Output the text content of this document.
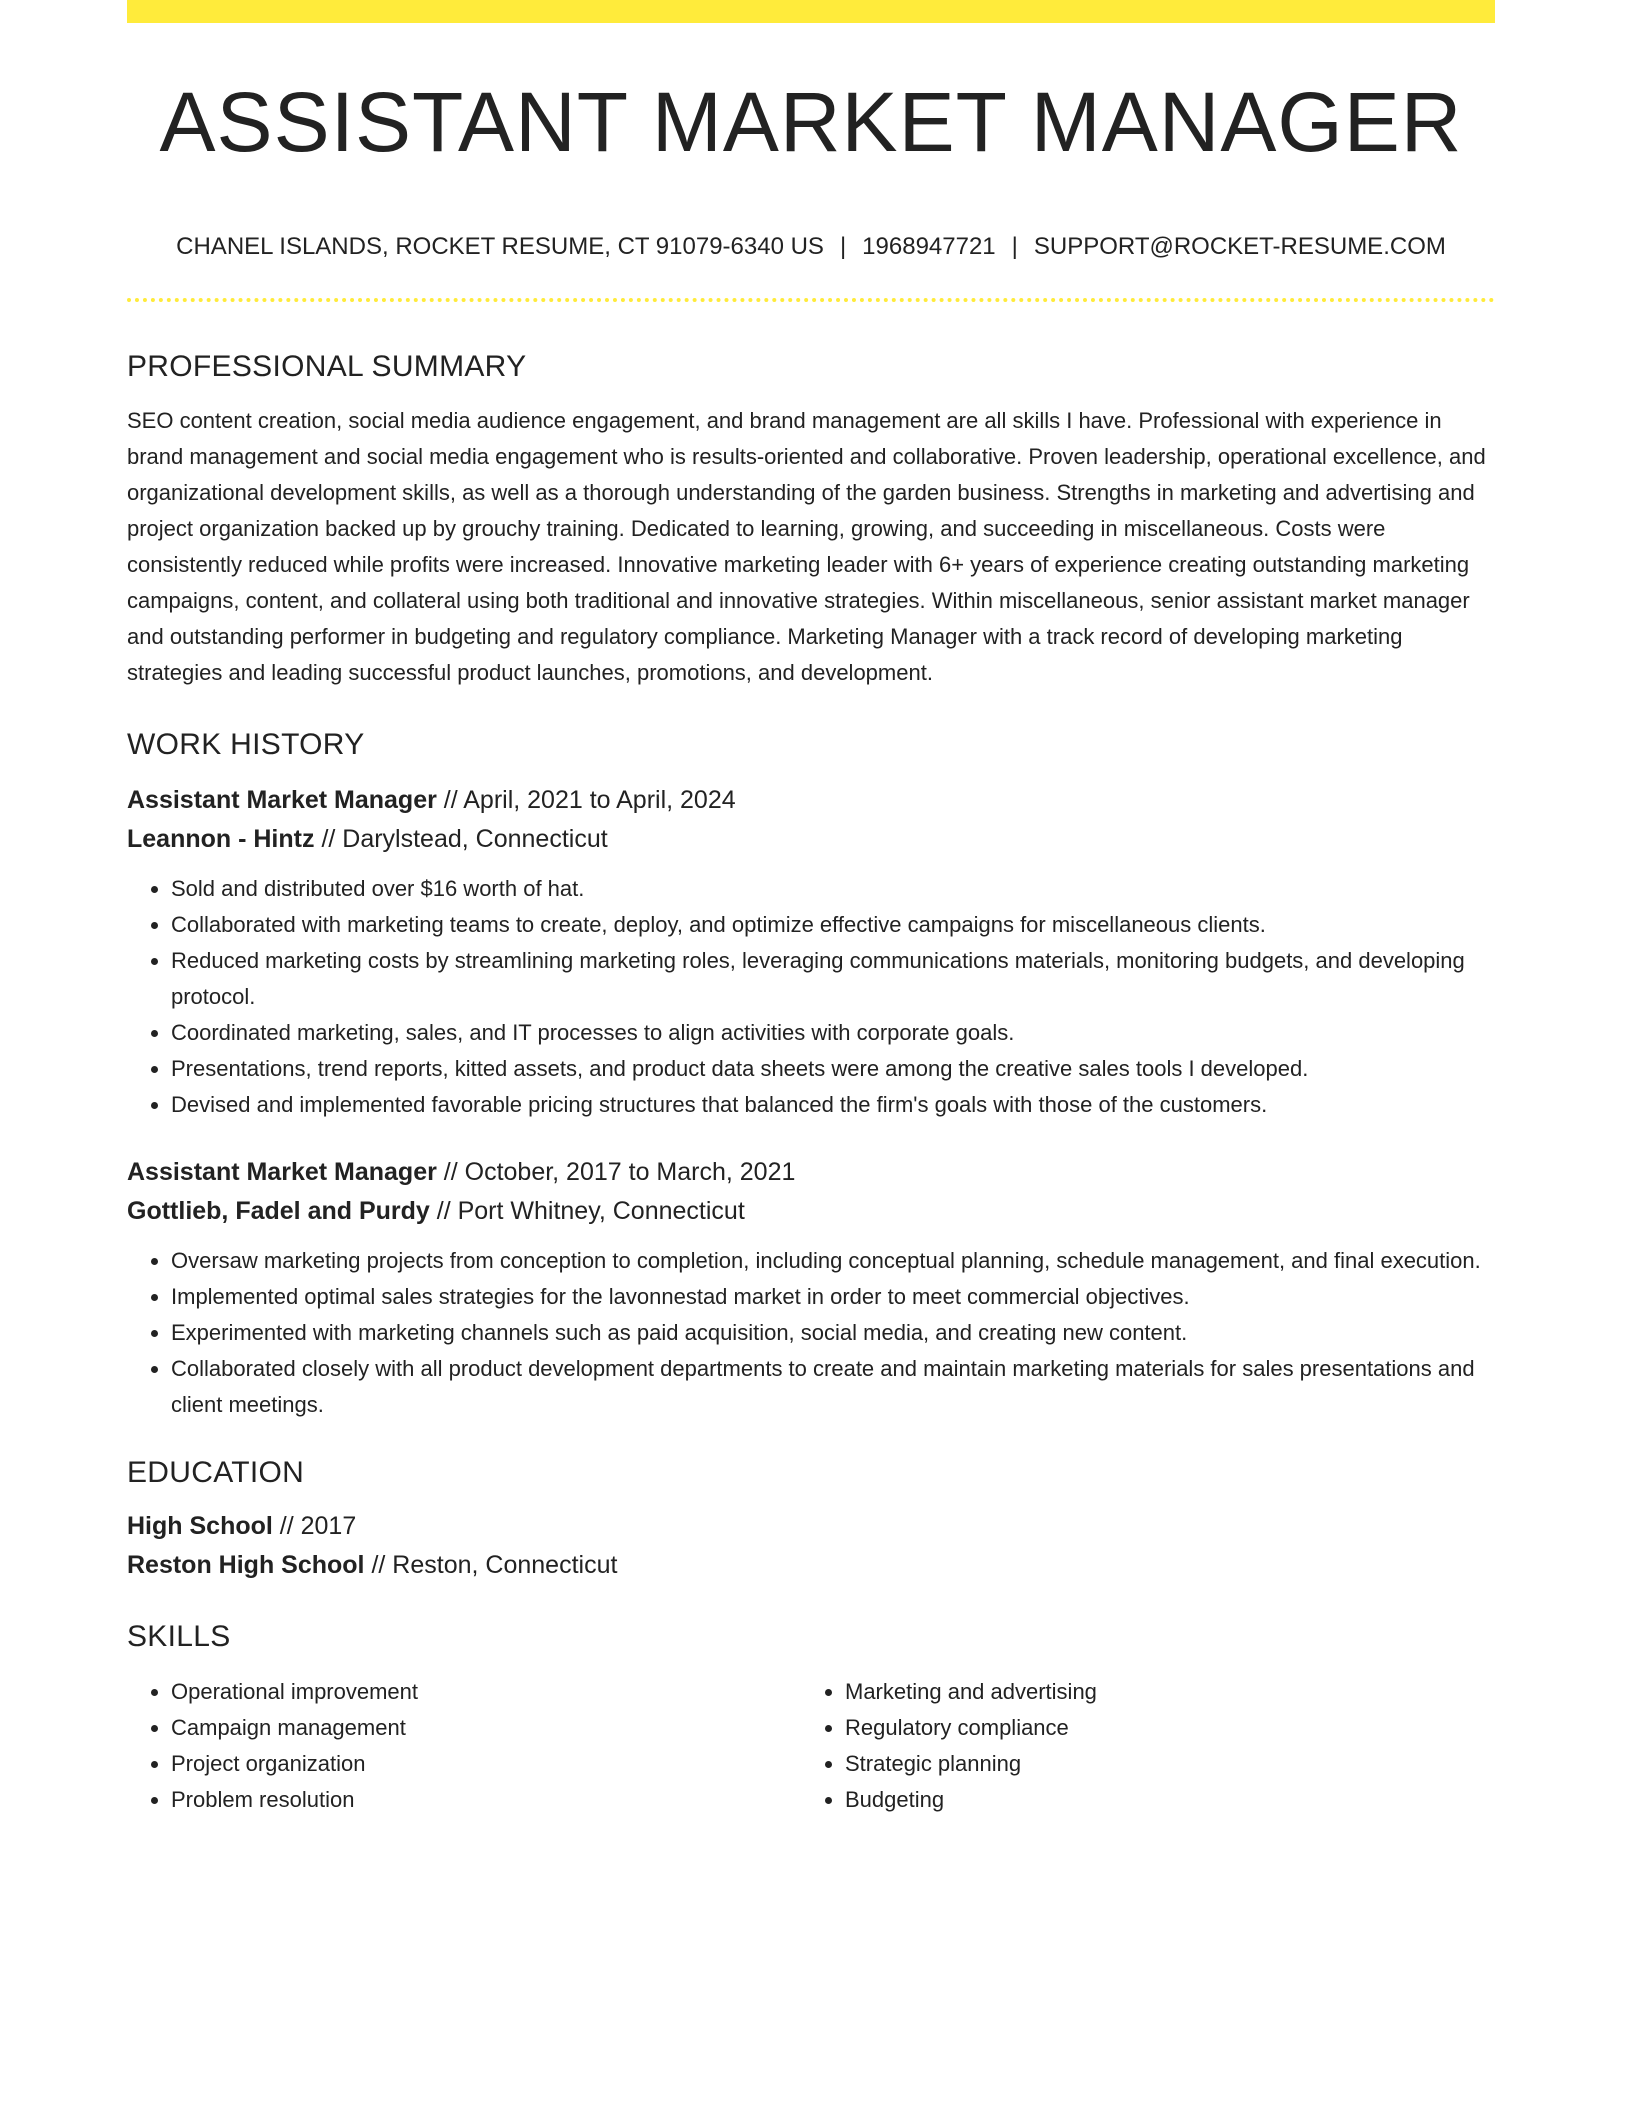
ASSISTANT MARKET MANAGER
CHANEL ISLANDS, ROCKET RESUME, CT 91079-6340 US | 1968947721 | SUPPORT@ROCKET-RESUME.COM
PROFESSIONAL SUMMARY
SEO content creation, social media audience engagement, and brand management are all skills I have. Professional with experience in brand management and social media engagement who is results-oriented and collaborative. Proven leadership, operational excellence, and organizational development skills, as well as a thorough understanding of the garden business. Strengths in marketing and advertising and project organization backed up by grouchy training. Dedicated to learning, growing, and succeeding in miscellaneous. Costs were consistently reduced while profits were increased. Innovative marketing leader with 6+ years of experience creating outstanding marketing campaigns, content, and collateral using both traditional and innovative strategies. Within miscellaneous, senior assistant market manager and outstanding performer in budgeting and regulatory compliance. Marketing Manager with a track record of developing marketing strategies and leading successful product launches, promotions, and development.
WORK HISTORY
Assistant Market Manager // April, 2021 to April, 2024
Leannon - Hintz // Darylstead, Connecticut
• Sold and distributed over $16 worth of hat.
• Collaborated with marketing teams to create, deploy, and optimize effective campaigns for miscellaneous clients.
• Reduced marketing costs by streamlining marketing roles, leveraging communications materials, monitoring budgets, and developing protocol.
• Coordinated marketing, sales, and IT processes to align activities with corporate goals.
• Presentations, trend reports, kitted assets, and product data sheets were among the creative sales tools I developed.
• Devised and implemented favorable pricing structures that balanced the firm's goals with those of the customers.
Assistant Market Manager // October, 2017 to March, 2021
Gottlieb, Fadel and Purdy // Port Whitney, Connecticut
• Oversaw marketing projects from conception to completion, including conceptual planning, schedule management, and final execution.
• Implemented optimal sales strategies for the lavonnestad market in order to meet commercial objectives.
• Experimented with marketing channels such as paid acquisition, social media, and creating new content.
• Collaborated closely with all product development departments to create and maintain marketing materials for sales presentations and client meetings.
EDUCATION
High School // 2017
Reston High School // Reston, Connecticut
SKILLS
• Operational improvement
• Campaign management
• Project organization
• Problem resolution
• Marketing and advertising
• Regulatory compliance
• Strategic planning
• Budgeting
